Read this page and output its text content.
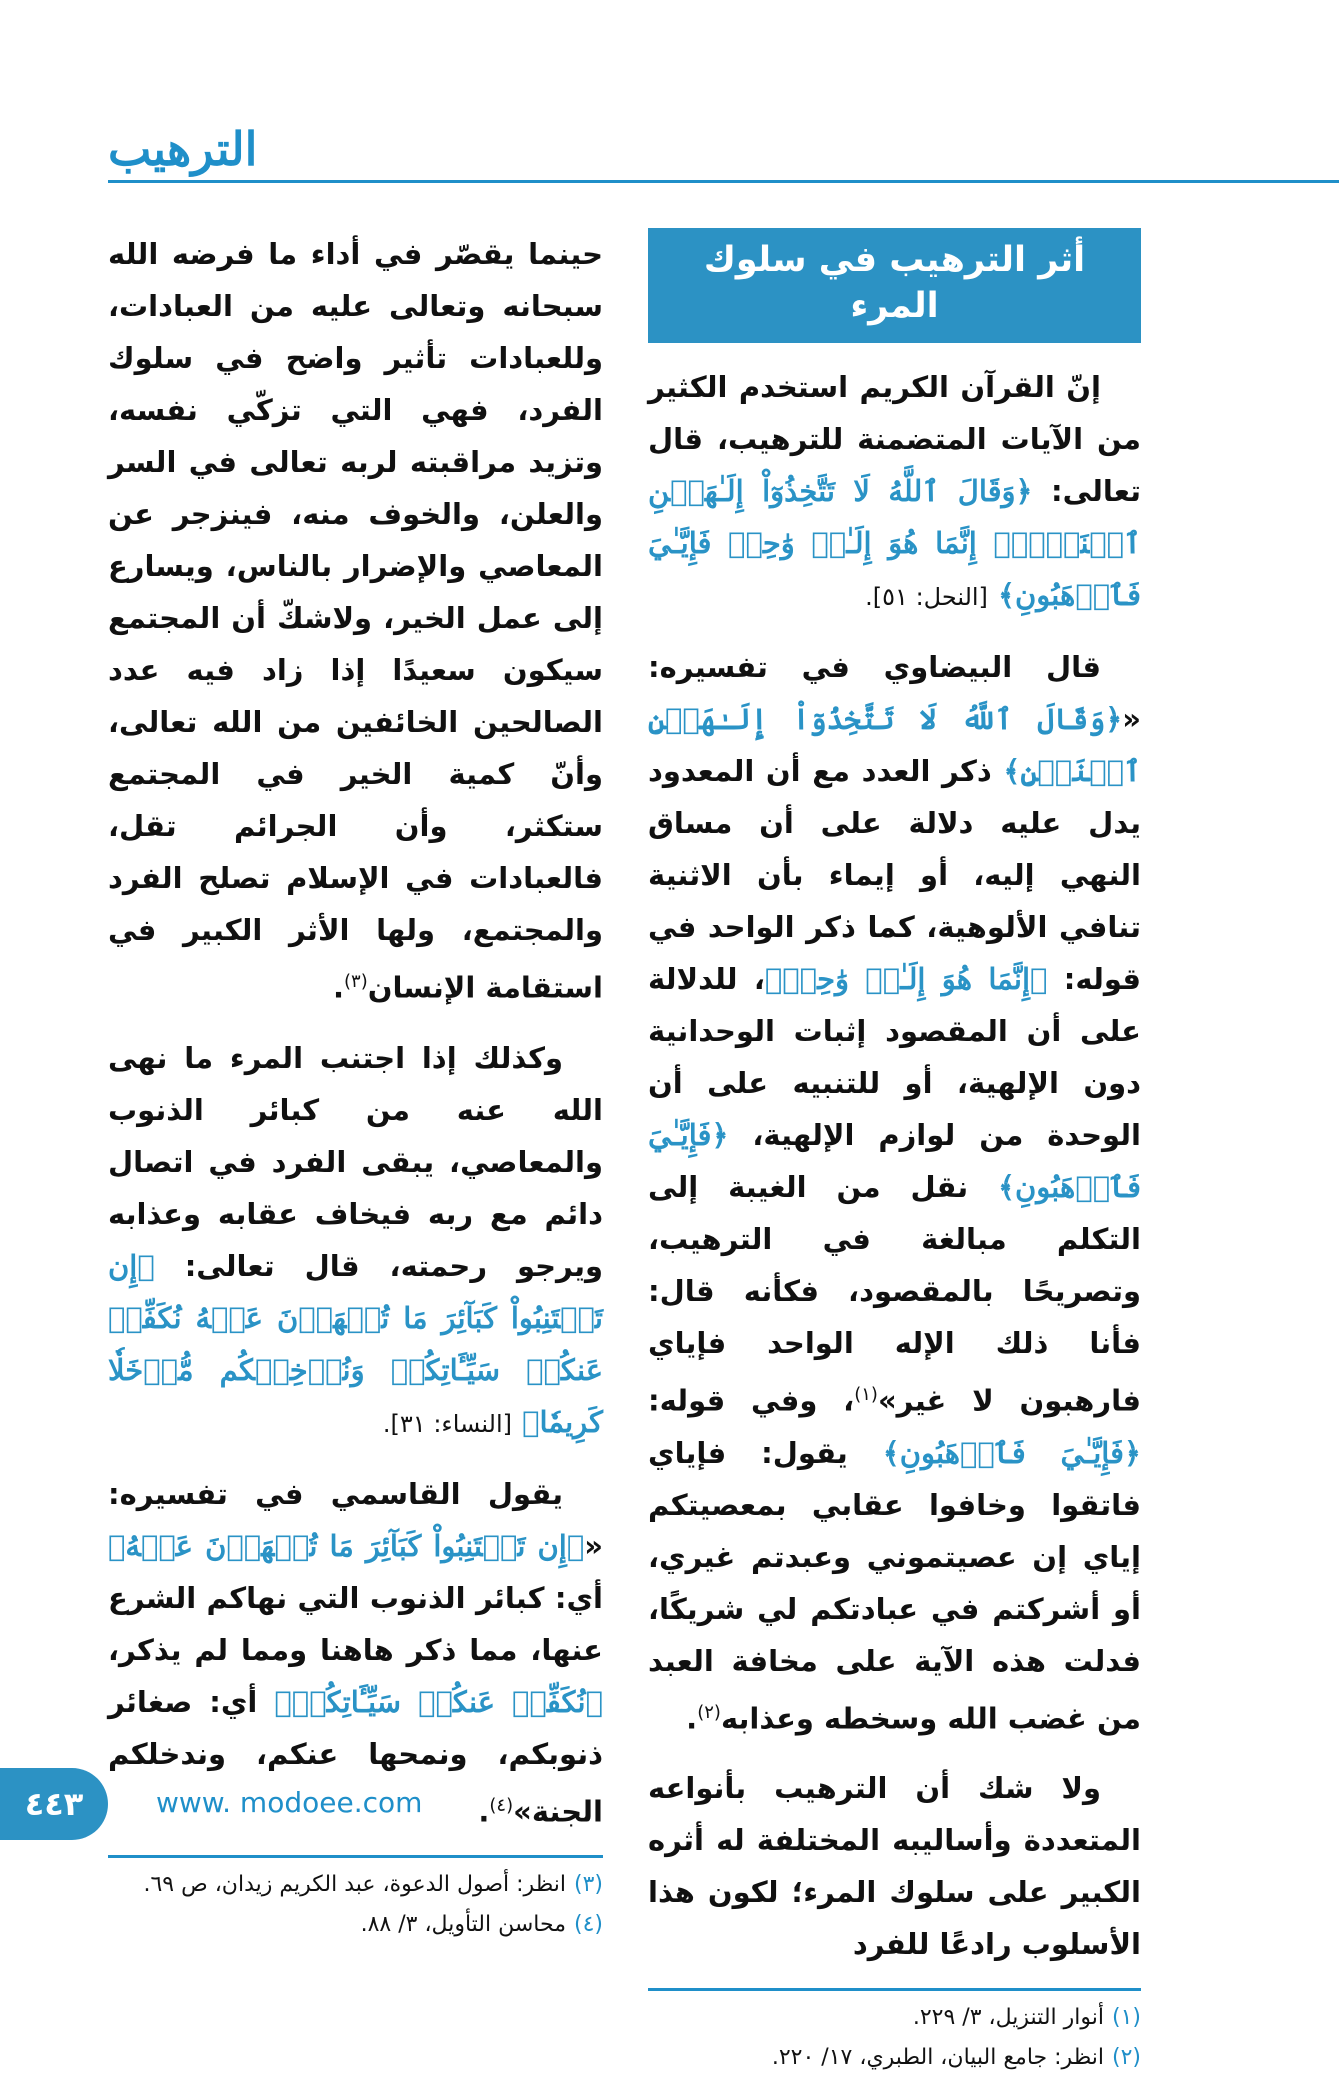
الترهيب
أثر الترهيب في سلوك المرء

إنّ القرآن الكريم استخدم الكثير من الآيات المتضمنة للترهيب، قال تعالى: ﴿وَقَالَ ٱللَّهُ لَا تَتَّخِذُوٓاْ إِلَـٰهَيۡنِ ٱثۡنَيۡنِۖ إِنَّمَا هُوَ إِلَـٰهٞ وَٰحِدٞ فَإِيَّـٰيَ فَٱرۡهَبُونِ﴾ [النحل: ٥١].

قال البيضاوي في تفسيره: «﴿وَقَالَ ٱللَّهُ لَا تَتَّخِذُوٓاْ إِلَـٰهَيۡنِ ٱثۡنَيۡنِ﴾ ذكر العدد مع أن المعدود يدل عليه دلالة على أن مساق النهي إليه، أو إيماء بأن الاثنية تنافي الألوهية، كما ذكر الواحد في قوله: ﴿إِنَّمَا هُوَ إِلَـٰهٞ وَٰحِدٞ﴾، للدلالة على أن المقصود إثبات الوحدانية دون الإلهية، أو للتنبيه على أن الوحدة من لوازم الإلهية، ﴿فَإِيَّـٰيَ فَٱرۡهَبُونِ﴾ نقل من الغيبة إلى التكلم مبالغة في الترهيب، وتصريحًا بالمقصود، فكأنه قال: فأنا ذلك الإله الواحد فإياي فارهبون لا غير»$^{(١)}$، وفي قوله: ﴿فَإِيَّـٰيَ فَٱرۡهَبُونِ﴾ يقول: فإياي فاتقوا وخافوا عقابي بمعصيتكم إياي إن عصيتموني وعبدتم غيري، أو أشركتم في عبادتكم لي شريكًا، فدلت هذه الآية على مخافة العبد من غضب الله وسخطه وعذابه$^{(٢)}$.

ولا شك أن الترهيب بأنواعه المتعددة وأساليبه المختلفة له أثره الكبير على سلوك المرء؛ لكون هذا الأسلوب رادعًا للفرد

(١)أنوار التنزيل، ٣/ ٢٢٩.
(٢)انظر: جامع البيان، الطبري، ١٧/ ٢٢٠.

حينما يقصّر في أداء ما فرضه الله سبحانه وتعالى عليه من العبادات، وللعبادات تأثير واضح في سلوك الفرد، فهي التي تزكّي نفسه، وتزيد مراقبته لربه تعالى في السر والعلن، والخوف منه، فينزجر عن المعاصي والإضرار بالناس، ويسارع إلى عمل الخير، ولاشكّ أن المجتمع سيكون سعيدًا إذا زاد فيه عدد الصالحين الخائفين من الله تعالى، وأنّ كمية الخير في المجتمع ستكثر، وأن الجرائم تقل، فالعبادات في الإسلام تصلح الفرد والمجتمع، ولها الأثر الكبير في استقامة الإنسان$^{(٣)}$.

وكذلك إذا اجتنب المرء ما نهى الله عنه من كبائر الذنوب والمعاصي، يبقى الفرد في اتصال دائم مع ربه فيخاف عقابه وعذابه ويرجو رحمته، قال تعالى: ﴿إِن تَجۡتَنِبُواْ كَبَآئِرَ مَا تُنۡهَوۡنَ عَنۡهُ نُكَفِّرۡ عَنكُمۡ سَيِّـَٔاتِكُمۡ وَنُدۡخِلۡكُم مُّدۡخَلٗا كَرِيمٗا﴾ [النساء: ٣١].

يقول القاسمي في تفسيره: «﴿إِن تَجۡتَنِبُواْ كَبَآئِرَ مَا تُنۡهَوۡنَ عَنۡهُ﴾ أي: كبائر الذنوب التي نهاكم الشرع عنها، مما ذكر هاهنا ومما لم يذكر، ﴿نُكَفِّرۡ عَنكُمۡ سَيِّـَٔاتِكُمۡ﴾ أي: صغائر ذنوبكم، ونمحها عنكم، وندخلكم الجنة»$^{(٤)}$.

(٣)انظر: أصول الدعوة، عبد الكريم زيدان، ص ٦٩.
(٤)محاسن التأويل، ٣/ ٨٨.
٤٤٣	www. modoee.com
